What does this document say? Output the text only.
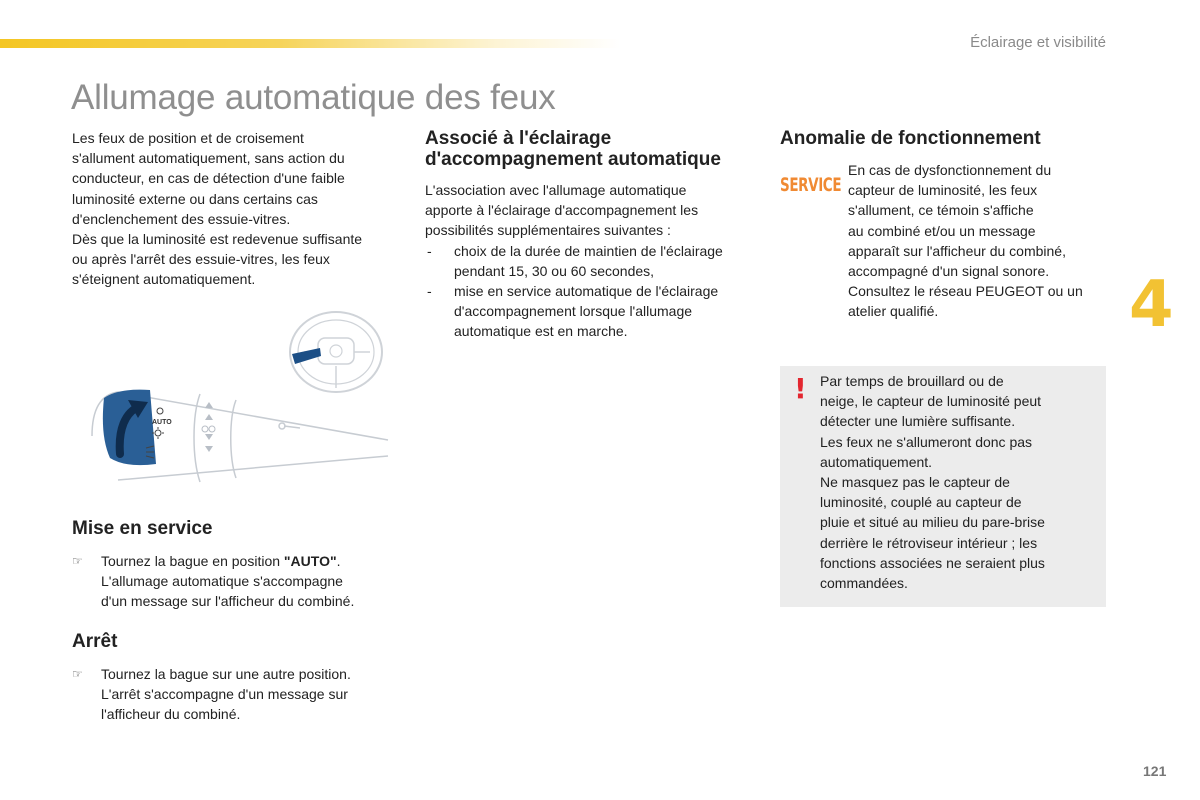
Éclairage et visibilité
Allumage automatique des feux
Les feux de position et de croisement
s'allument automatiquement, sans action du
conducteur, en cas de détection d'une faible
luminosité externe ou dans certains cas
d'enclenchement des essuie-vitres.
Dès que la luminosité est redevenue suffisante
ou après l'arrêt des essuie-vitres, les feux
s'éteignent automatiquement.
Associé à l'éclairage
d'accompagnement automatique
L'association avec l'allumage automatique
apporte à l'éclairage d'accompagnement les
possibilités supplémentaires suivantes :
- choix de la durée de maintien de l'éclairage
pendant 15, 30 ou 60 secondes,
- mise en service automatique de l'éclairage
d'accompagnement lorsque l'allumage
automatique est en marche.
Anomalie de fonctionnement
SERVICE
En cas de dysfonctionnement du
capteur de luminosité, les feux
s'allument, ce témoin s'affiche
au combiné et/ou un message
apparaît sur l'afficheur du combiné,
accompagné d'un signal sonore.
Consultez le réseau PEUGEOT ou un
atelier qualifié.
AUTO
Mise en service
☞ Tournez la bague en position "AUTO".
L'allumage automatique s'accompagne
d'un message sur l'afficheur du combiné.
Arrêt
☞ Tournez la bague sur une autre position.
L'arrêt s'accompagne d'un message sur
l'afficheur du combiné.
! Par temps de brouillard ou de
neige, le capteur de luminosité peut
détecter une lumière suffisante.
Les feux ne s'allumeront donc pas
automatiquement.
Ne masquez pas le capteur de
luminosité, couplé au capteur de
pluie et situé au milieu du pare-brise
derrière le rétroviseur intérieur ; les
fonctions associées ne seraient plus
commandées.
4
121
